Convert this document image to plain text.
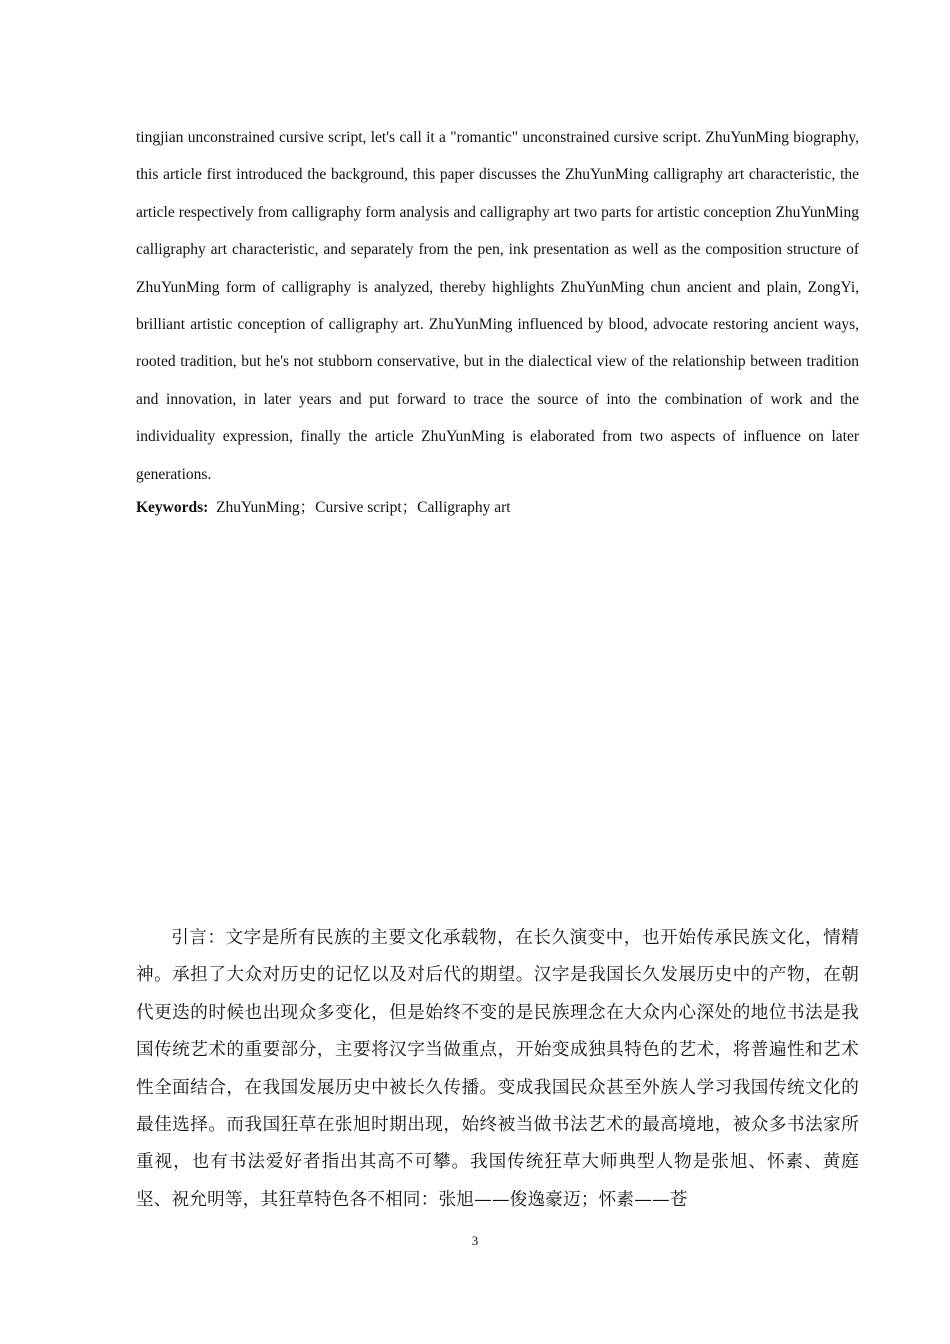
tingjian unconstrained cursive script, let's call it a "romantic" unconstrained cursive script. ZhuYunMing biography, this article first introduced the background, this paper discusses the ZhuYunMing calligraphy art characteristic, the article respectively from calligraphy form analysis and calligraphy art two parts for artistic conception ZhuYunMing calligraphy art characteristic, and separately from the pen, ink presentation as well as the composition structure of ZhuYunMing form of calligraphy is analyzed, thereby highlights ZhuYunMing chun ancient and plain, ZongYi, brilliant artistic conception of calligraphy art. ZhuYunMing influenced by blood, advocate restoring ancient ways, rooted tradition, but he's not stubborn conservative, but in the dialectical view of the relationship between tradition and innovation, in later years and put forward to trace the source of into the combination of work and the individuality expression, finally the article ZhuYunMing is elaborated from two aspects of influence on later generations.

Keywords: ZhuYunMing；Cursive script；Calligraphy art

引言：文字是所有民族的主要文化承载物，在长久演变中，也开始传承民族文化，情精神。承担了大众对历史的记忆以及对后代的期望。汉字是我国长久发展历史中的产物，在朝代更迭的时候也出现众多变化，但是始终不变的是民族理念在大众内心深处的地位书法是我国传统艺术的重要部分，主要将汉字当做重点，开始变成独具特色的艺术，将普遍性和艺术性全面结合，在我国发展历史中被长久传播。变成我国民众甚至外族人学习我国传统文化的最佳选择。而我国狂草在张旭时期出现，始终被当做书法艺术的最高境地，被众多书法家所重视，也有书法爱好者指出其高不可攀。我国传统狂草大师典型人物是张旭、怀素、黄庭坚、祝允明等，其狂草特色各不相同：张旭——俊逸豪迈；怀素——苍

3
